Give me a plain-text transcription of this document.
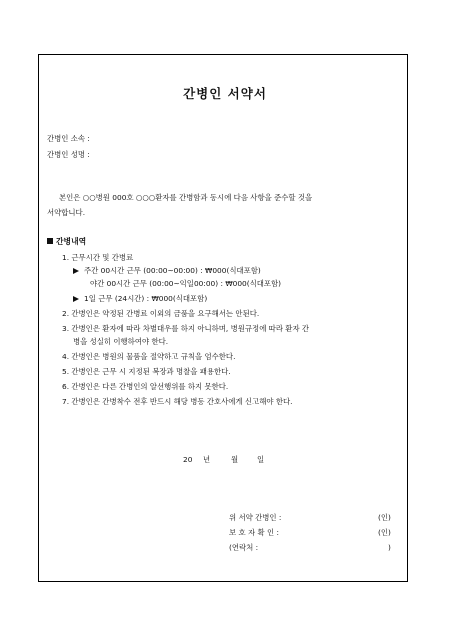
간병인 서약서
간병인 소속 :
간병인 성명 :
본인은 ○○병원 000호 ○○○환자를 간병함과 동시에 다음 사항을 준수할 것을
서약합니다.
간병내역
1. 근무시간 및 간병료
주간 00시간 근무 (00:00~00:00) : ₩000(식대포함)
야간 00시간 근무 (00:00~익일00:00) : ₩000(식대포함)
1일 근무 (24시간) : ₩000(식대포함)
2. 간병인은 약정된 간병료 이외의 금품을 요구해서는 안된다.
3. 간병인은 환자에 따라 차별대우를 하지 아니하며, 병원규정에 따라 환자 간
병을 성실히 이행하여야 한다.
4. 간병인은 병원의 물품을 절약하고 규칙을 엄수한다.
5. 간병인은 근무 시 지정된 복장과 명찰을 패용한다.
6. 간병인은 다른 간병인의 알선행위를 하지 못한다.
7. 간병인은 간병착수 전후 반드시 해당 병동 간호사에게 신고해야 한다.
20 년	월	일
위 서약 간병인 :	(인)
보 호 자 확 인 :	(인)
(연락처 :	)
